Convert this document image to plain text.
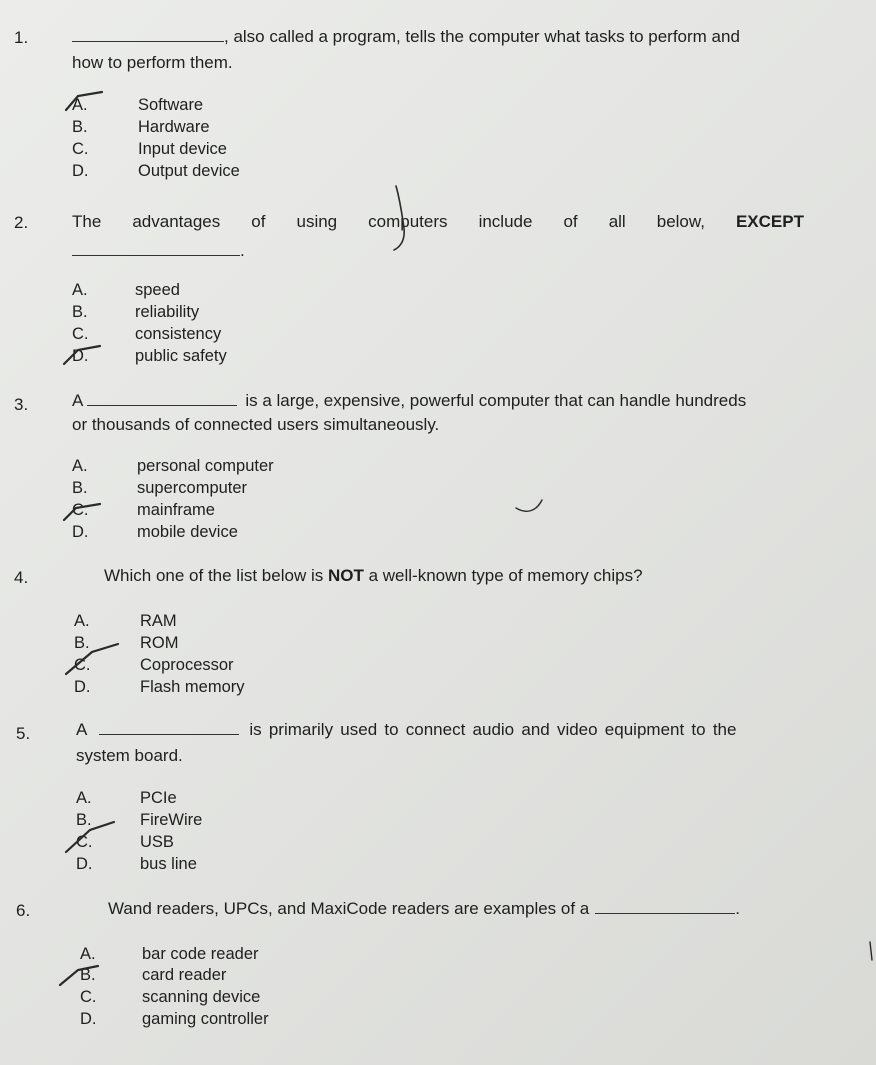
1.	, also called a program, tells the computer what tasks to perform and
how to perform them.
A.	Software
B.	Hardware
C.	Input device
D.	Output device
2.	The advantages of using computers include of all below, EXCEPT
.
A.	speed
B.	reliability
C.	consistency
D.	public safety
3.	A	is a large, expensive, powerful computer that can handle hundreds
or thousands of connected users simultaneously.
A.	personal computer
B.	supercomputer
C.	mainframe
D.	mobile device
4.	Which one of the list below is NOT a well-known type of memory chips?
A.	RAM
B.	ROM
C.	Coprocessor
D.	Flash memory
5.	A	is primarily used to connect audio and video equipment to the
system board.
A.	PCIe
B.	FireWire
C.	USB
D.	bus line
6.	Wand readers, UPCs, and MaxiCode readers are examples of a	.
A.	bar code reader
B.	card reader
C.	scanning device
D.	gaming controller
